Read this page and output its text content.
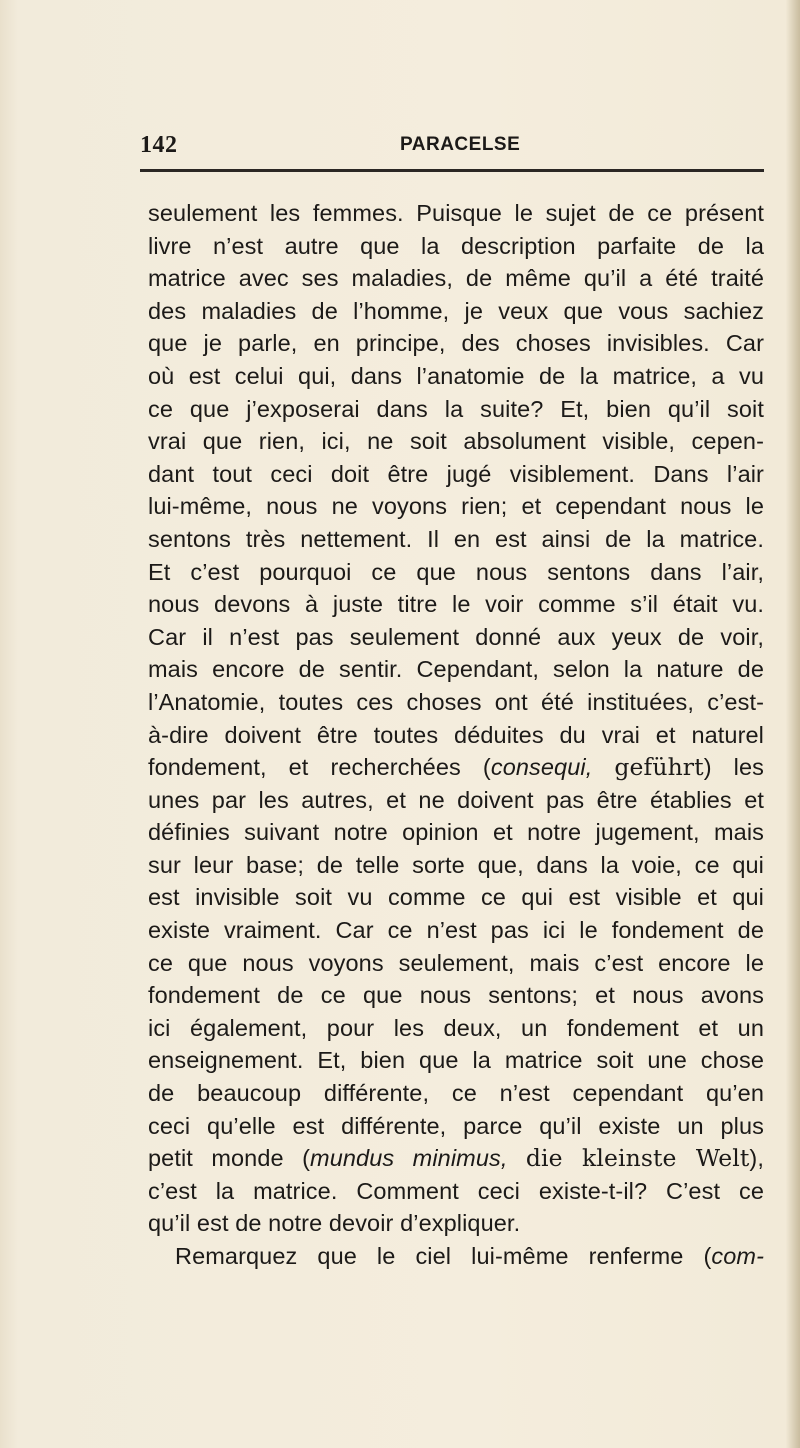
142	PARACELSE
seulement les femmes. Puisque le sujet de ce présent
livre n’est autre que la description parfaite de la
matrice avec ses maladies, de même qu’il a été traité
des maladies de l’homme, je veux que vous sachiez
que je parle, en principe, des choses invisibles. Car
où est celui qui, dans l’anatomie de la matrice, a vu
ce que j’exposerai dans la suite? Et, bien qu’il soit
vrai que rien, ici, ne soit absolument visible, cepen-
dant tout ceci doit être jugé visiblement. Dans l’air
lui-même, nous ne voyons rien; et cependant nous le
sentons très nettement. Il en est ainsi de la matrice.
Et c’est pourquoi ce que nous sentons dans l’air,
nous devons à juste titre le voir comme s’il était vu.
Car il n’est pas seulement donné aux yeux de voir,
mais encore de sentir. Cependant, selon la nature de
l’Anatomie, toutes ces choses ont été instituées, c’est-
à-dire doivent être toutes déduites du vrai et naturel
fondement, et recherchées (consequi, geführt) les
unes par les autres, et ne doivent pas être établies et
définies suivant notre opinion et notre jugement, mais
sur leur base; de telle sorte que, dans la voie, ce qui
est invisible soit vu comme ce qui est visible et qui
existe vraiment. Car ce n’est pas ici le fondement de
ce que nous voyons seulement, mais c’est encore le
fondement de ce que nous sentons; et nous avons
ici également, pour les deux, un fondement et un
enseignement. Et, bien que la matrice soit une chose
de beaucoup différente, ce n’est cependant qu’en
ceci qu’elle est différente, parce qu’il existe un plus
petit monde (mundus minimus, die kleinste Welt),
c’est la matrice. Comment ceci existe-t-il? C’est ce
qu’il est de notre devoir d’expliquer.
Remarquez que le ciel lui-même renferme (com-
